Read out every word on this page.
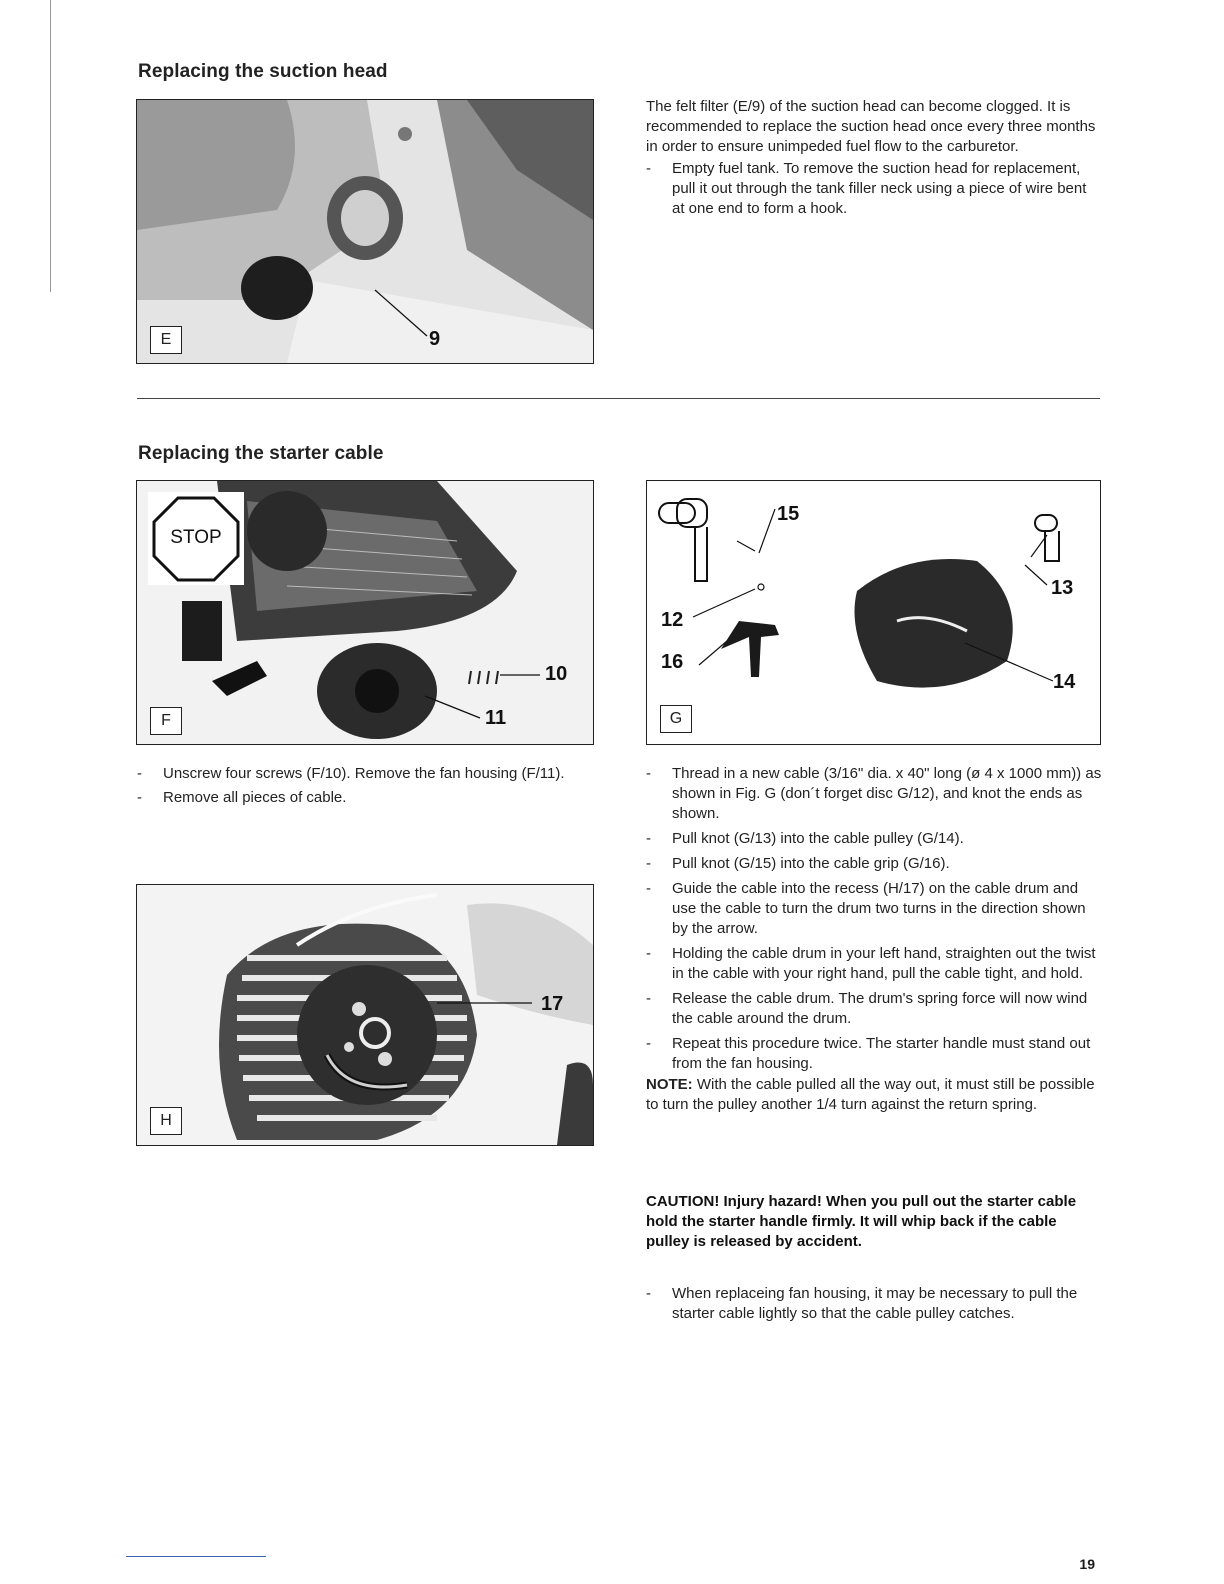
Replacing the suction head
E	9

The felt filter (E/9) of the suction head can become clogged. It is recommended to replace the suction head once every three months in order to ensure unimpeded fuel flow to the carburetor.

- Empty fuel tank. To remove the suction head for replacement, pull it out through the tank filler neck using a piece of wire bent at one end to form a hook.
Replacing the starter cable
STOP
F
10
11
15
13
12
16
14
G
- Unscrew four screws (F/10). Remove the fan housing (F/11).
- Remove all pieces of cable.
H
17
- Thread in a new cable (3/16" dia. x 40" long (ø 4 x 1000 mm)) as shown in Fig. G (don´t forget disc G/12), and knot the ends as shown.
- Pull knot (G/13) into the cable pulley (G/14).
- Pull knot (G/15) into the cable grip (G/16).
- Guide the cable into the recess (H/17) on the cable drum and use the cable to turn the drum two turns in the direction shown by the arrow.
- Holding the cable drum in your left hand, straighten out the twist in the cable with your right hand, pull the cable tight, and hold.
- Release the cable drum. The drum's spring force will now wind the cable around the drum.
- Repeat this procedure twice. The starter handle must stand out from the fan housing.

NOTE: With the cable pulled all the way out, it must still be possible to turn the pulley another 1/4 turn against the return spring.

CAUTION! Injury hazard! When you pull out the starter cable hold the starter handle firmly. It will whip back if the cable pulley is released by accident.

- When replaceing fan housing, it may be necessary to pull the starter cable lightly so that the cable pulley catches.
19
